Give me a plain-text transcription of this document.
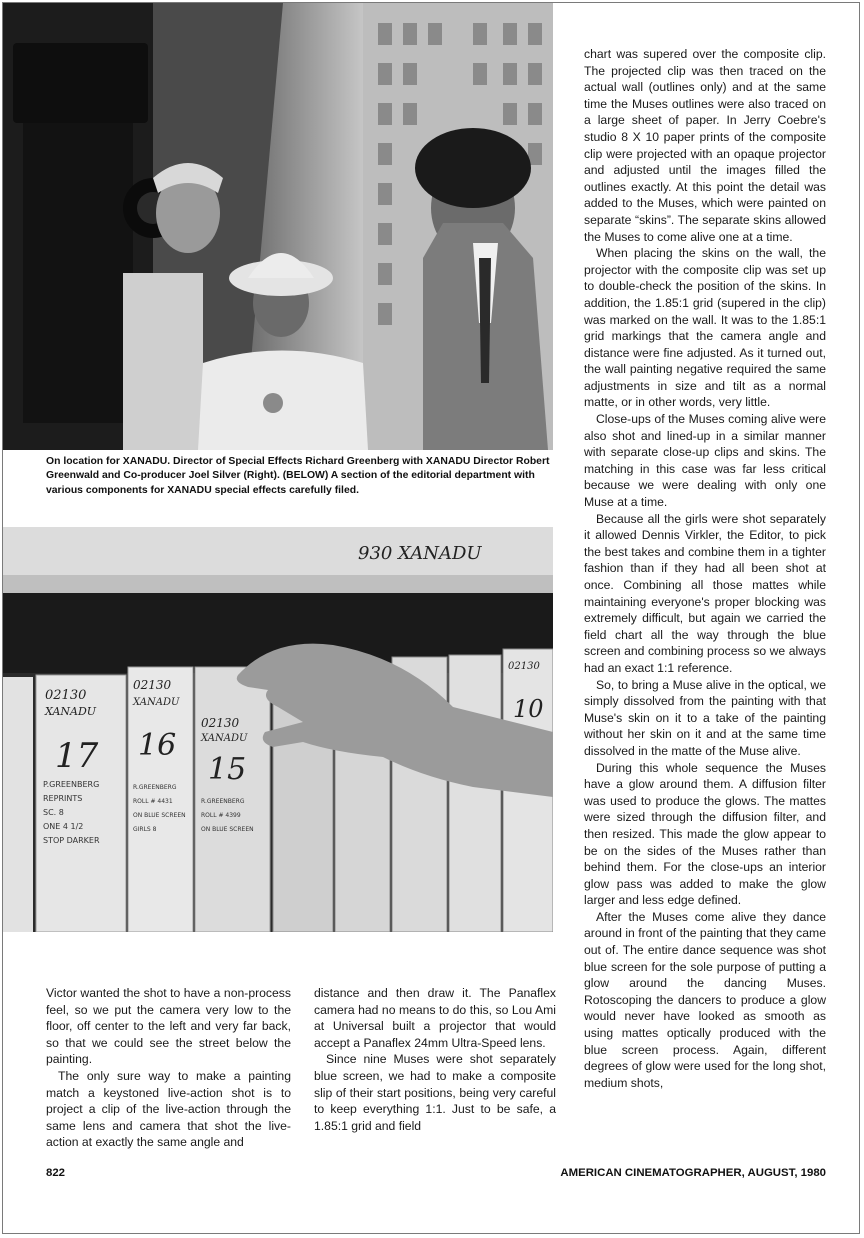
On location for XANADU. Director of Special Effects Richard Greenberg with XANADU Director Robert Greenwald and Co-producer Joel Silver (Right). (BELOW) A section of the editorial department with various components for XANADU special effects carefully filed.
930 XANADU
02130
XANADU
17
P.GREENBERG
REPRINTS
SC. 8
ONE 4 1/2
STOP DARKER
02130
XANADU
16
R.GREENBERG
ROLL # 4431
ON BLUE SCREEN
GIRLS 8
02130
XANADU
15
R.GREENBERG
ROLL # 4399
ON BLUE SCREEN
02130
10

chart was supered over the composite clip. The projected clip was then traced on the actual wall (outlines only) and at the same time the Muses outlines were also traced on a large sheet of paper. In Jerry Coebre's studio 8 X 10 paper prints of the composite clip were projected with an opaque projector and adjusted until the images filled the outlines exactly. At this point the detail was added to the Muses, which were painted on separate “skins”. The separate skins allowed the Muses to come alive one at a time.

When placing the skins on the wall, the projector with the composite clip was set up to double-check the position of the skins. In addition, the 1.85:1 grid (supered in the clip) was marked on the wall. It was to the 1.85:1 grid markings that the camera angle and distance were fine adjusted. As it turned out, the wall painting negative required the same adjustments in size and tilt as a normal matte, or in other words, very little.

Close-ups of the Muses coming alive were also shot and lined-up in a similar manner with separate close-up clips and skins. The matching in this case was far less critical because we were dealing with only one Muse at a time.

Because all the girls were shot separately it allowed Dennis Virkler, the Editor, to pick the best takes and combine them in a tighter fashion than if they had all been shot at once. Combining all those mattes while maintaining everyone's proper blocking was extremely difficult, but again we carried the field chart all the way through the blue screen and combining process so we always had an exact 1:1 reference.

So, to bring a Muse alive in the optical, we simply dissolved from the painting with that Muse's skin on it to a take of the painting without her skin on it and at the same time dissolved in the matte of the Muse alive.

During this whole sequence the Muses have a glow around them. A diffusion filter was used to produce the glows. The mattes were sized through the diffusion filter, and then resized. This made the glow appear to be on the sides of the Muses rather than behind them. For the close-ups an interior glow pass was added to make the glow larger and less edge defined.

After the Muses come alive they dance around in front of the painting that they came out of. The entire dance sequence was shot blue screen for the sole purpose of putting a glow around the dancing Muses. Rotoscoping the dancers to produce a glow would never have looked as smooth as using mattes optically produced with the blue screen process. Again, different degrees of glow were used for the long shot, medium shots,

Victor wanted the shot to have a non-process feel, so we put the camera very low to the floor, off center to the left and very far back, so that we could see the street below the painting.

The only sure way to make a painting match a keystoned live-action shot is to project a clip of the live-action through the same lens and camera that shot the live-action at exactly the same angle and

distance and then draw it. The Panaflex camera had no means to do this, so Lou Ami at Universal built a projector that would accept a Panaflex 24mm Ultra-Speed lens.

Since nine Muses were shot separately blue screen, we had to make a composite slip of their start positions, being very careful to keep everything 1:1. Just to be safe, a 1.85:1 grid and field

822	AMERICAN CINEMATOGRAPHER, AUGUST, 1980
